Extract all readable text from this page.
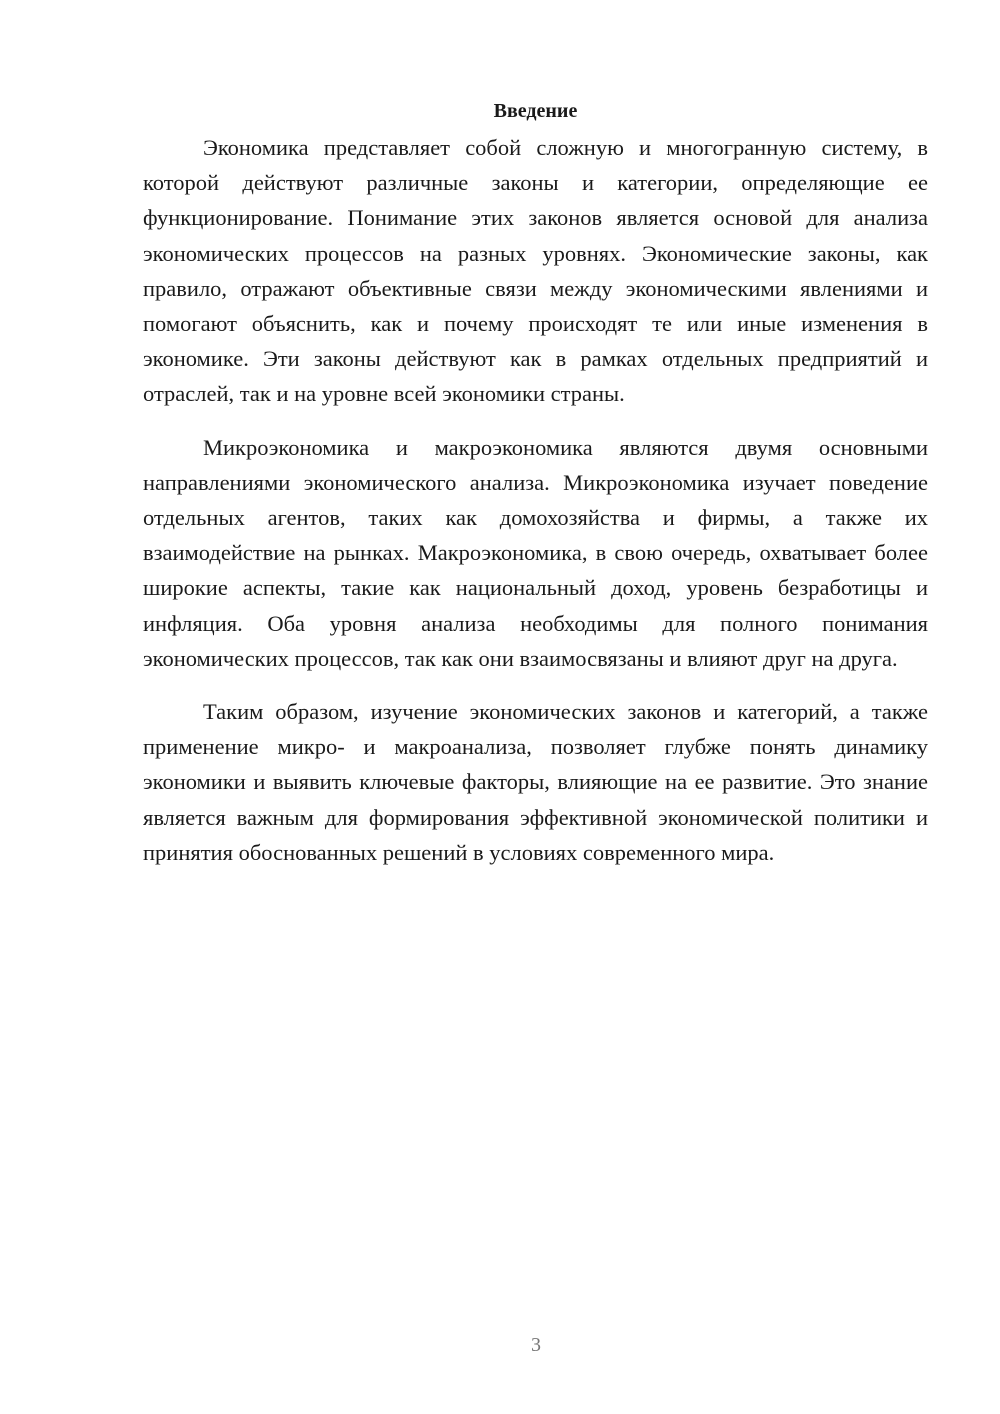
Введение

Экономика представляет собой сложную и многогранную систему, в которой действуют различные законы и категории, определяющие ее функционирование. Понимание этих законов является основой для анализа экономических процессов на разных уровнях. Экономические законы, как правило, отражают объективные связи между экономическими явлениями и помогают объяснить, как и почему происходят те или иные изменения в экономике. Эти законы действуют как в рамках отдельных предприятий и отраслей, так и на уровне всей экономики страны.

Микроэкономика и макроэкономика являются двумя основными направлениями экономического анализа. Микроэкономика изучает поведение отдельных агентов, таких как домохозяйства и фирмы, а также их взаимодействие на рынках. Макроэкономика, в свою очередь, охватывает более широкие аспекты, такие как национальный доход, уровень безработицы и инфляция. Оба уровня анализа необходимы для полного понимания экономических процессов, так как они взаимосвязаны и влияют друг на друга.

Таким образом, изучение экономических законов и категорий, а также применение микро- и макроанализа, позволяет глубже понять динамику экономики и выявить ключевые факторы, влияющие на ее развитие. Это знание является важным для формирования эффективной экономической политики и принятия обоснованных решений в условиях современного мира.

3
